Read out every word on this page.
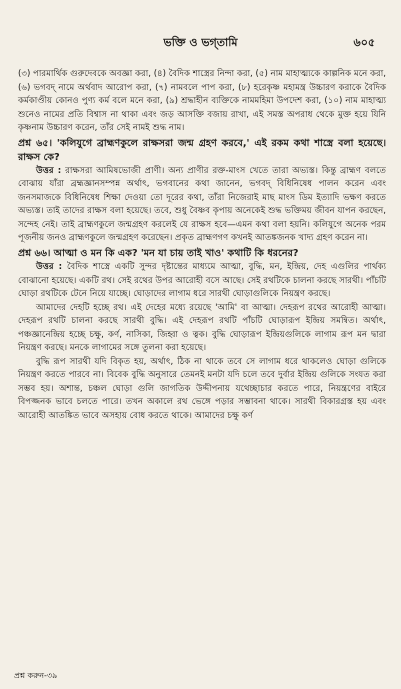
ভক্তি ও ভগ্তামি	৬০৫

(৩) পারমার্থিক গুরুদেবকে অবজ্ঞা করা, (৪) বৈদিক শাস্ত্রের নিন্দা করা, (৫) নাম মাহাত্ম্যকে কাল্পনিক মনে করা, (৬) ভগবদ্ নামে অর্থবাদ আরোপ করা, (৭) নামবলে পাপ করা, (৮) হরেকৃষ্ণ মহামন্ত্র উচ্চারণ করাকে বৈদিক কর্মকাণ্ডীয় কোনও পুণ্য কর্ম বলে মনে করা, (৯) শ্রদ্ধাহীন ব্যক্তিকে নামমহিমা উপদেশ করা, (১০) নাম মাহাত্ম্য শুনেও নামের প্রতি বিশ্বাস না থাকা এবং জড় আসক্তি বজায় রাখা, এই সমস্ত অপরাধ থেকে মুক্ত হয়ে যিনি কৃষ্ণনাম উচ্চারণ করেন, তাঁর সেই নামই শুদ্ধ নাম।

প্রশ্ন ৬৫। 'কলিযুগে ব্রাহ্মণকুলে রাক্ষসরা জন্ম গ্রহণ করবে,' এই রকম কথা শাস্ত্রে বলা হয়েছে। রাক্ষস কে?

উত্তর : রাক্ষসরা আমিষভোজী প্রাণী। অন্য প্রাণীর রক্ত-মাংস খেতে তারা অভ্যস্ত। কিন্তু ব্রাহ্মণ বলতে বোঝায় যাঁরা ব্রহ্মজ্ঞানসম্পন্ন অর্থাৎ, ভগবানের কথা জানেন, ভগবদ্ বিধিনিষেধ পালন করেন এবং জনসমাজকে বিধিনিষেধ শিক্ষা দেওয়া তো দূরের কথা, তাঁরা নিজেরাই মাছ মাংস ডিম ইত্যাদি ভক্ষণ করতে অভ্যস্ত। তাই তাদের রাক্ষস বলা হয়েছে। তবে, শুধু বৈষ্ণব কৃপায় অনেকেই শুদ্ধ ভক্তিময় জীবন যাপন করছেন, সন্দেহ নেই। তাই ব্রাহ্মণকুলে জন্মগ্রহণ করলেই যে রাক্ষস হবে—এমন কথা বলা হয়নি। কলিযুগে অনেক পরম পূজনীয় জনও ব্রাহ্মণকুলে জন্মগ্রহণ করেছেন। প্রকৃত ব্রাহ্মণগণ কখনই আতঙ্কজনক খাদ্য গ্রহণ করেন না।

প্রশ্ন ৬৬। আত্মা ও মন কি এক? 'মন যা চায় তাই খাও' কথাটি কি ধরনের?

উত্তর : বৈদিক শাস্ত্রে একটি সুন্দর দৃষ্টান্তের মাধ্যমে আত্মা, বুদ্ধি, মন, ইন্দ্রিয়, দেহ এগুলির পার্থক্য বোঝানো হয়েছে। একটি রথ। সেই রথের উপর আরোহী বসে আছে। সেই রথটিকে চালনা করছে সারথী। পাঁচটি ঘোড়া রথটিকে টেনে নিয়ে যাচ্ছে। ঘোড়াদের লাগাম ধরে সারথী ঘোড়াগুলিকে নিয়ন্ত্রণ করছে।

আমাদের দেহটি হচ্ছে রথ। এই দেহের মধ্যে রয়েছে 'আমি' বা আত্মা। দেহরূপ রথের আরোহী আত্মা। দেহরূপ রথটি চালনা করছে সারথী বুদ্ধি। এই দেহরূপ রথটি পাঁচটি ঘোড়ারূপ ইন্দ্রিয় সমন্বিত। অর্থাৎ, পঞ্চজ্ঞানেন্দ্রিয় হচ্ছে চক্ষু, কর্ণ, নাসিকা, জিহ্বা ও ত্বক। বুদ্ধি ঘোড়ারূপ ইন্দ্রিয়গুলিকে লাগাম রূপ মন দ্বারা নিয়ন্ত্রণ করছে। মনকে লাগামের সঙ্গে তুলনা করা হয়েছে।

বুদ্ধি রূপ সারথী যদি বিকৃত হয়, অর্থাৎ, ঠিক না থাকে তবে সে লাগাম ধরে থাকলেও ঘোড়া গুলিকে নিয়ন্ত্রণ করতে পারবে না। বিবেক বুদ্ধি অনুসারে তেমনই মনটা যদি চলে তবে দুর্বার ইন্দ্রিয় গুলিকে সংযত করা সম্ভব হয়। অশান্ত, চঞ্চল ঘোড়া গুলি জাগতিক উদ্দীপনায় যথেচ্ছাচার করতে পারে, নিয়ন্ত্রণের বাইরে বিপজ্জনক ভাবে চলতে পারে। তখন অকালে রথ ভেঙ্গে পড়ার সম্ভাবনা থাকে। সারথী বিকারগ্রস্ত হয় এবং আরোহী আতঙ্কিত ভাবে অসহায় বোধ করতে থাকে। আমাদের চক্ষু কর্ণ

প্রশ্ন করুন-৩৯
